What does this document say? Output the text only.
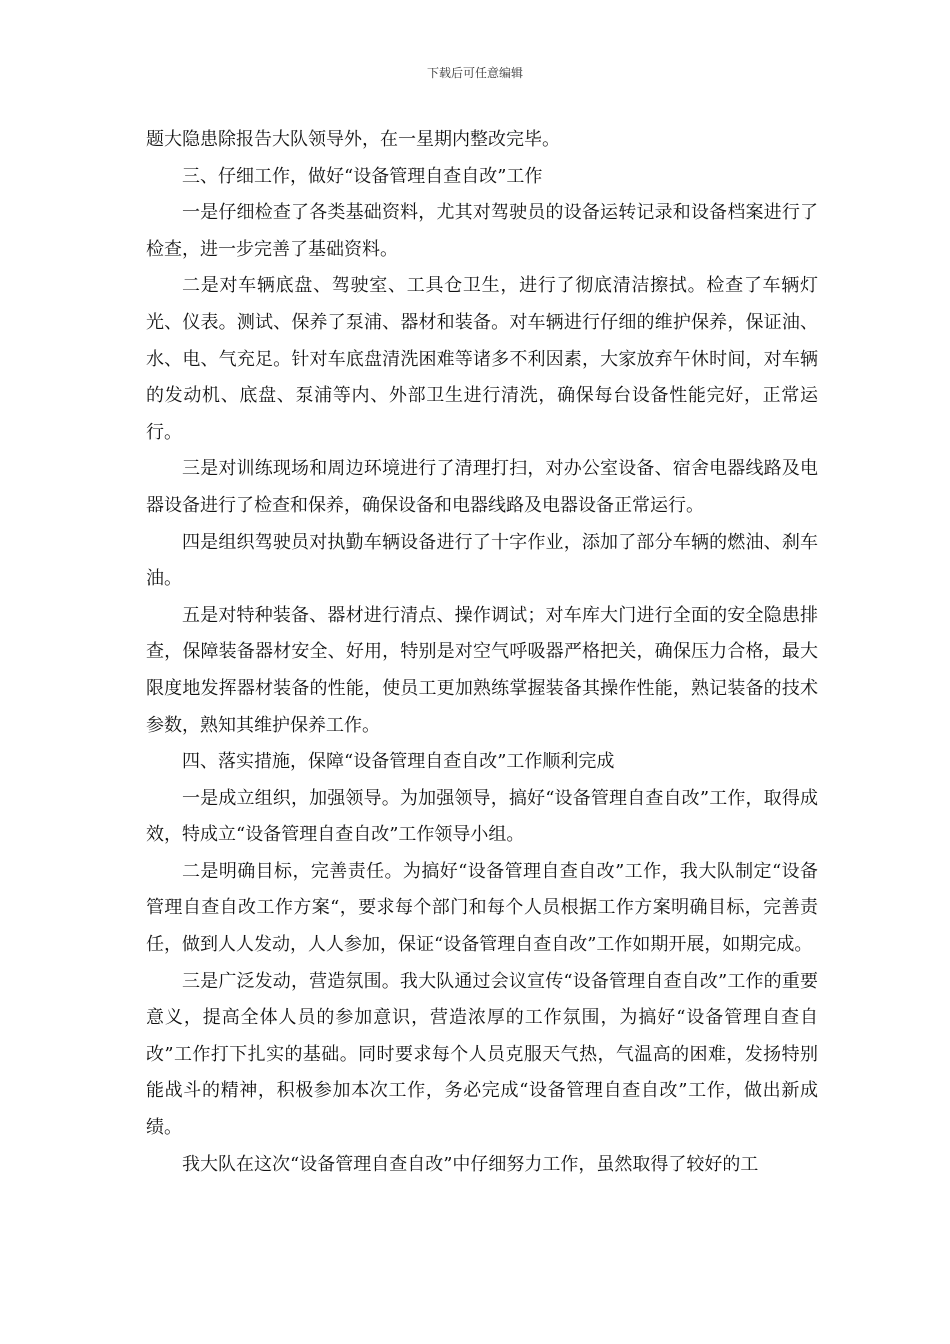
下载后可任意编辑

题大隐患除报告大队领导外，在一星期内整改完毕。

三、仔细工作，做好“设备管理自查自改”工作

一是仔细检查了各类基础资料，尤其对驾驶员的设备运转记录和设备档案进行了检查，进一步完善了基础资料。

二是对车辆底盘、驾驶室、工具仓卫生，进行了彻底清洁擦拭。检查了车辆灯光、仪表。测试、保养了泵浦、器材和装备。对车辆进行仔细的维护保养，保证油、水、电、气充足。针对车底盘清洗困难等诸多不利因素，大家放弃午休时间，对车辆的发动机、底盘、泵浦等内、外部卫生进行清洗，确保每台设备性能完好，正常运行。

三是对训练现场和周边环境进行了清理打扫，对办公室设备、宿舍电器线路及电器设备进行了检查和保养，确保设备和电器线路及电器设备正常运行。

四是组织驾驶员对执勤车辆设备进行了十字作业，添加了部分车辆的燃油、刹车油。

五是对特种装备、器材进行清点、操作调试；对车库大门进行全面的安全隐患排查，保障装备器材安全、好用，特别是对空气呼吸器严格把关，确保压力合格，最大限度地发挥器材装备的性能，使员工更加熟练掌握装备其操作性能，熟记装备的技术参数，熟知其维护保养工作。

四、落实措施，保障“设备管理自查自改”工作顺利完成

一是成立组织，加强领导。为加强领导，搞好“设备管理自查自改”工作，取得成效，特成立“设备管理自查自改”工作领导小组。

二是明确目标，完善责任。为搞好“设备管理自查自改”工作，我大队制定“设备管理自查自改工作方案“，要求每个部门和每个人员根据工作方案明确目标，完善责任，做到人人发动，人人参加，保证“设备管理自查自改”工作如期开展，如期完成。

三是广泛发动，营造氛围。我大队通过会议宣传“设备管理自查自改”工作的重要意义，提高全体人员的参加意识，营造浓厚的工作氛围，为搞好“设备管理自查自改”工作打下扎实的基础。同时要求每个人员克服天气热，气温高的困难，发扬特别能战斗的精神，积极参加本次工作，务必完成“设备管理自查自改”工作，做出新成绩。

我大队在这次“设备管理自查自改”中仔细努力工作，虽然取得了较好的工
